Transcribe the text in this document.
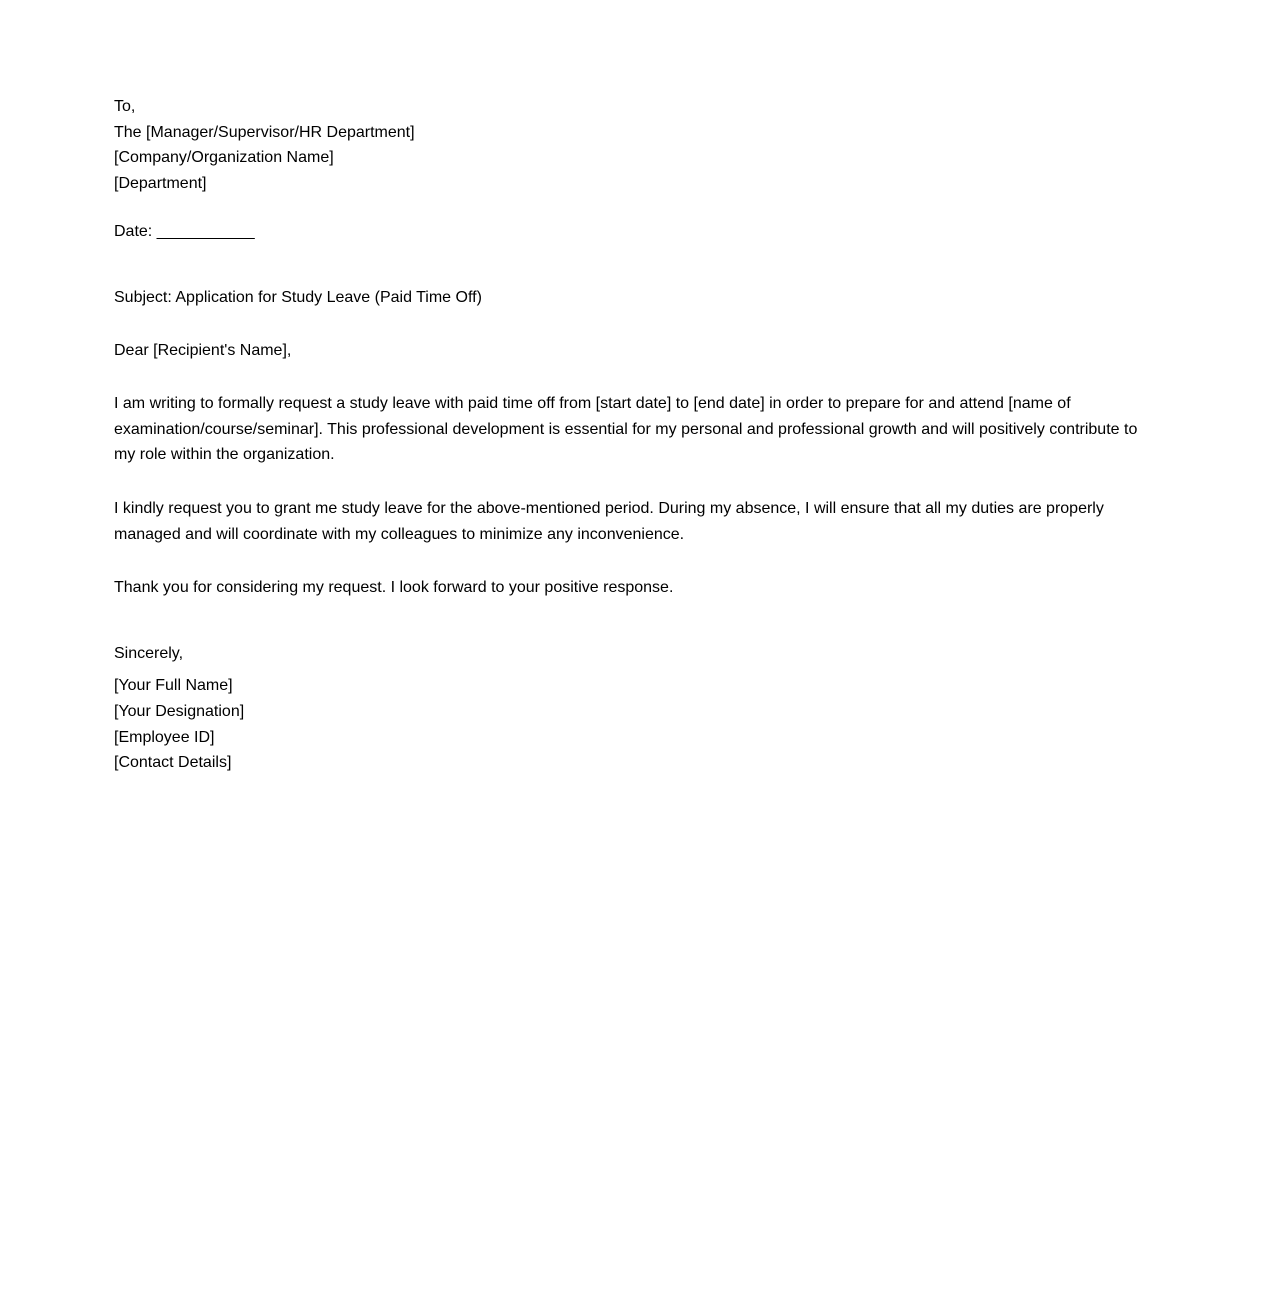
To,
The [Manager/Supervisor/HR Department]
[Company/Organization Name]
[Department]
Date: ___________

Subject: Application for Study Leave (Paid Time Off)

Dear [Recipient's Name],

I am writing to formally request a study leave with paid time off from [start date] to [end date] in order to prepare for and attend [name of examination/course/seminar]. This professional development is essential for my personal and professional growth and will positively contribute to my role within the organization.

I kindly request you to grant me study leave for the above-mentioned period. During my absence, I will ensure that all my duties are properly managed and will coordinate with my colleagues to minimize any inconvenience.

Thank you for considering my request. I look forward to your positive response.

Sincerely,

[Your Full Name]
[Your Designation]
[Employee ID]
[Contact Details]
